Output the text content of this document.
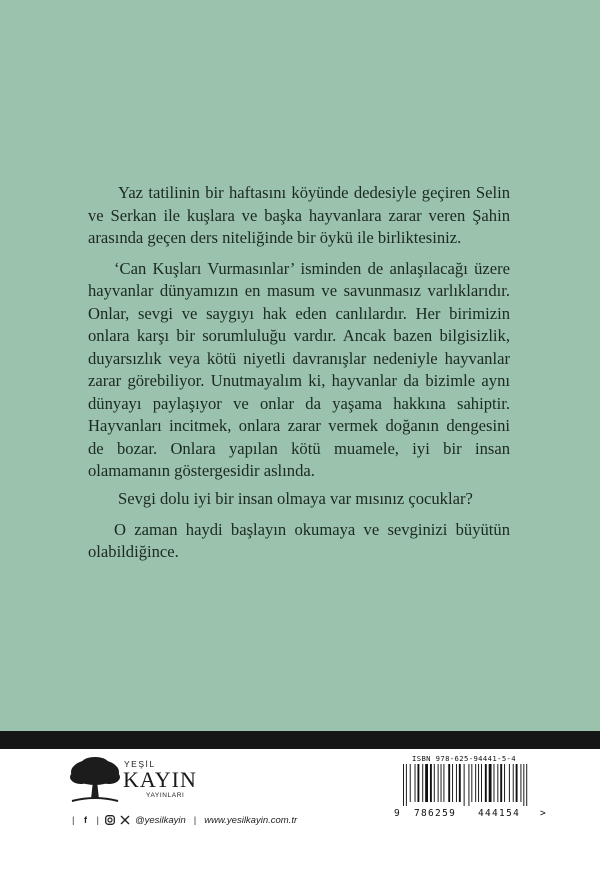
Yaz tatilinin bir haftasını köyünde dedesiyle geçiren Selin ve Serkan ile kuşlara ve başka hayvanlara zarar veren Şahin arasında geçen ders niteliğinde bir öykü ile birliktesiniz.

‘Can Kuşları Vurmasınlar’ isminden de anlaşılacağı üzere hayvanlar dünyamızın en masum ve savunmasız varlıklarıdır. Onlar, sevgi ve saygıyı hak eden canlılardır. Her birimizin onlara karşı bir sorumluluğu vardır. Ancak bazen bilgisizlik, duyarsızlık veya kötü niyetli davranışlar nedeniyle hayvanlar zarar görebiliyor. Unutmayalım ki, hayvanlar da bizimle aynı dünyayı paylaşıyor ve onlar da yaşama hakkına sahiptir. Hayvanları incitmek, onlara zarar vermek doğanın dengesini de bozar. Onlara yapılan kötü muamele, iyi bir insan olamamanın göstergesidir aslında.

Sevgi dolu iyi bir insan olmaya var mısınız çocuklar?

O zaman haydi başlayın okumaya ve sevginizi büyütün olabildiğince.

YEŞİL
KAYIN
YAYINLARI
ISBN 978-625-94441-5-4
9 786259 444154 >
|	f	|	@yesilkayin | www.yesilkayin.com.tr
